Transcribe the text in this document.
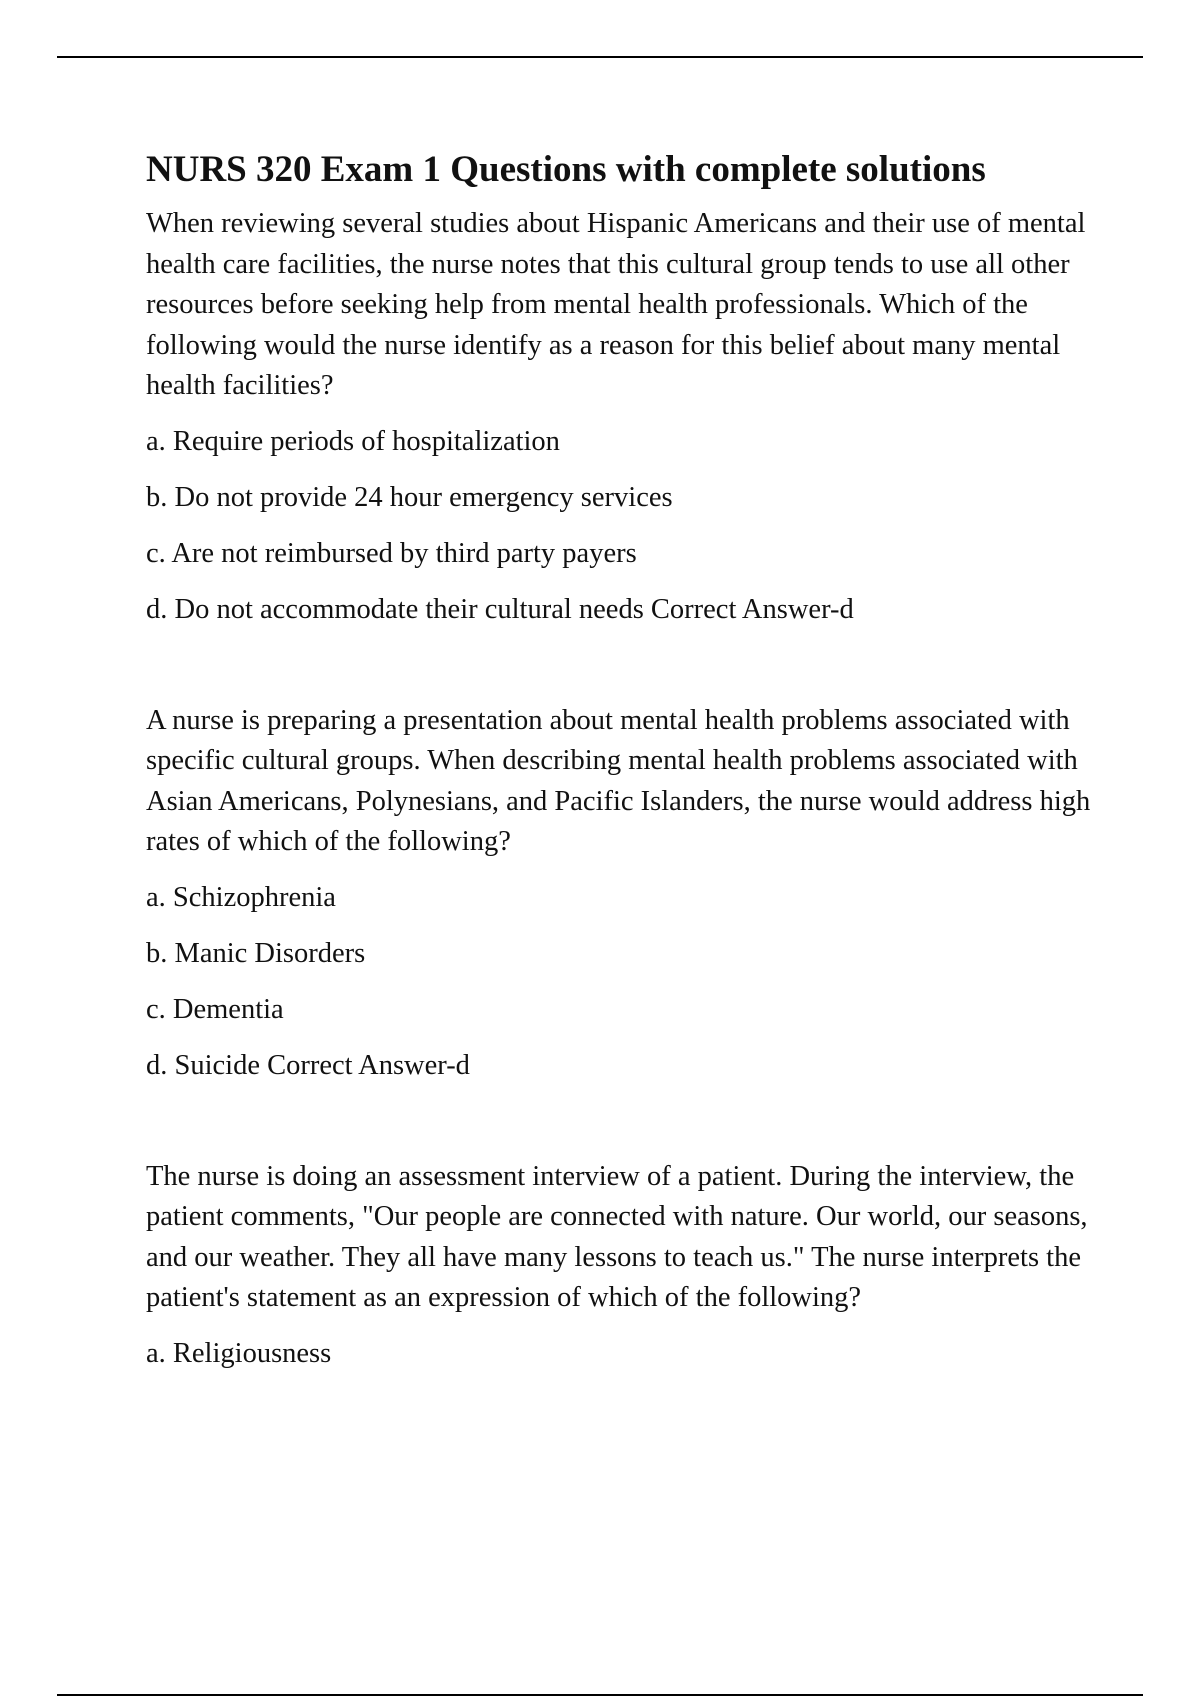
NURS 320 Exam 1 Questions with complete solutions

When reviewing several studies about Hispanic Americans and their use of mental health care facilities, the nurse notes that this cultural group tends to use all other resources before seeking help from mental health professionals. Which of the following would the nurse identify as a reason for this belief about many mental health facilities?

a. Require periods of hospitalization

b. Do not provide 24 hour emergency services

c. Are not reimbursed by third party payers

d. Do not accommodate their cultural needs Correct Answer-d

A nurse is preparing a presentation about mental health problems associated with specific cultural groups. When describing mental health problems associated with Asian Americans, Polynesians, and Pacific Islanders, the nurse would address high rates of which of the following?

a. Schizophrenia

b. Manic Disorders

c. Dementia

d. Suicide Correct Answer-d

The nurse is doing an assessment interview of a patient. During the interview, the patient comments, "Our people are connected with nature. Our world, our seasons, and our weather. They all have many lessons to teach us." The nurse interprets the patient's statement as an expression of which of the following?

a. Religiousness
